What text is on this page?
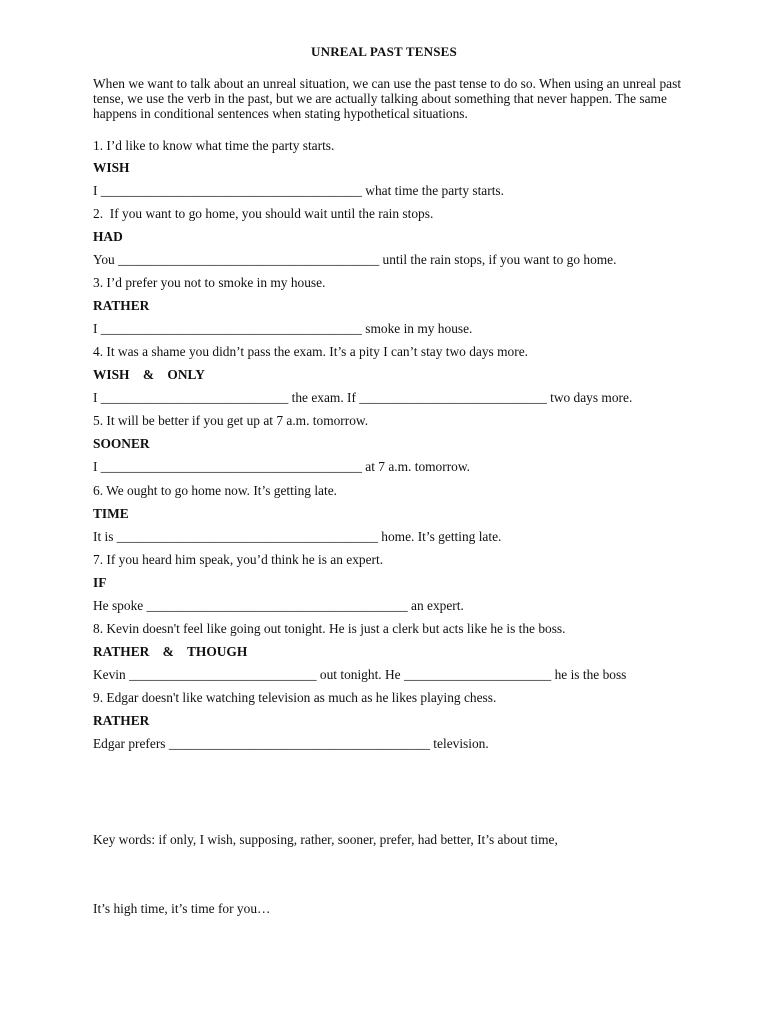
UNREAL PAST TENSES
When we want to talk about an unreal situation, we can use the past tense to do so. When using an unreal past tense, we use the verb in the past, but we are actually talking about something that never happen. The same happens in conditional sentences when stating hypothetical situations.
1. I’d like to know what time the party starts.
WISH
I _______________________________________ what time the party starts.
2.  If you want to go home, you should wait until the rain stops.
HAD
You _______________________________________ until the rain stops, if you want to go home.
3. I’d prefer you not to smoke in my house.
RATHER
I _______________________________________ smoke in my house.
4. It was a shame you didn’t pass the exam. It’s a pity I can’t stay two days more.
WISH    &    ONLY
I ____________________________ the exam. If ____________________________ two days more.
5. It will be better if you get up at 7 a.m. tomorrow.
SOONER
I _______________________________________ at 7 a.m. tomorrow.
6. We ought to go home now. It’s getting late.
TIME
It is _______________________________________ home. It’s getting late.
7. If you heard him speak, you’d think he is an expert.
IF
He spoke _______________________________________ an expert.
8. Kevin doesn't feel like going out tonight. He is just a clerk but acts like he is the boss.
RATHER    &    THOUGH
Kevin ____________________________ out tonight. He ______________________ he is the boss
9. Edgar doesn't like watching television as much as he likes playing chess.
RATHER
Edgar prefers _______________________________________ television.

Key words: if only, I wish, supposing, rather, sooner, prefer, had better, It’s about time,

It’s high time, it’s time for you…
